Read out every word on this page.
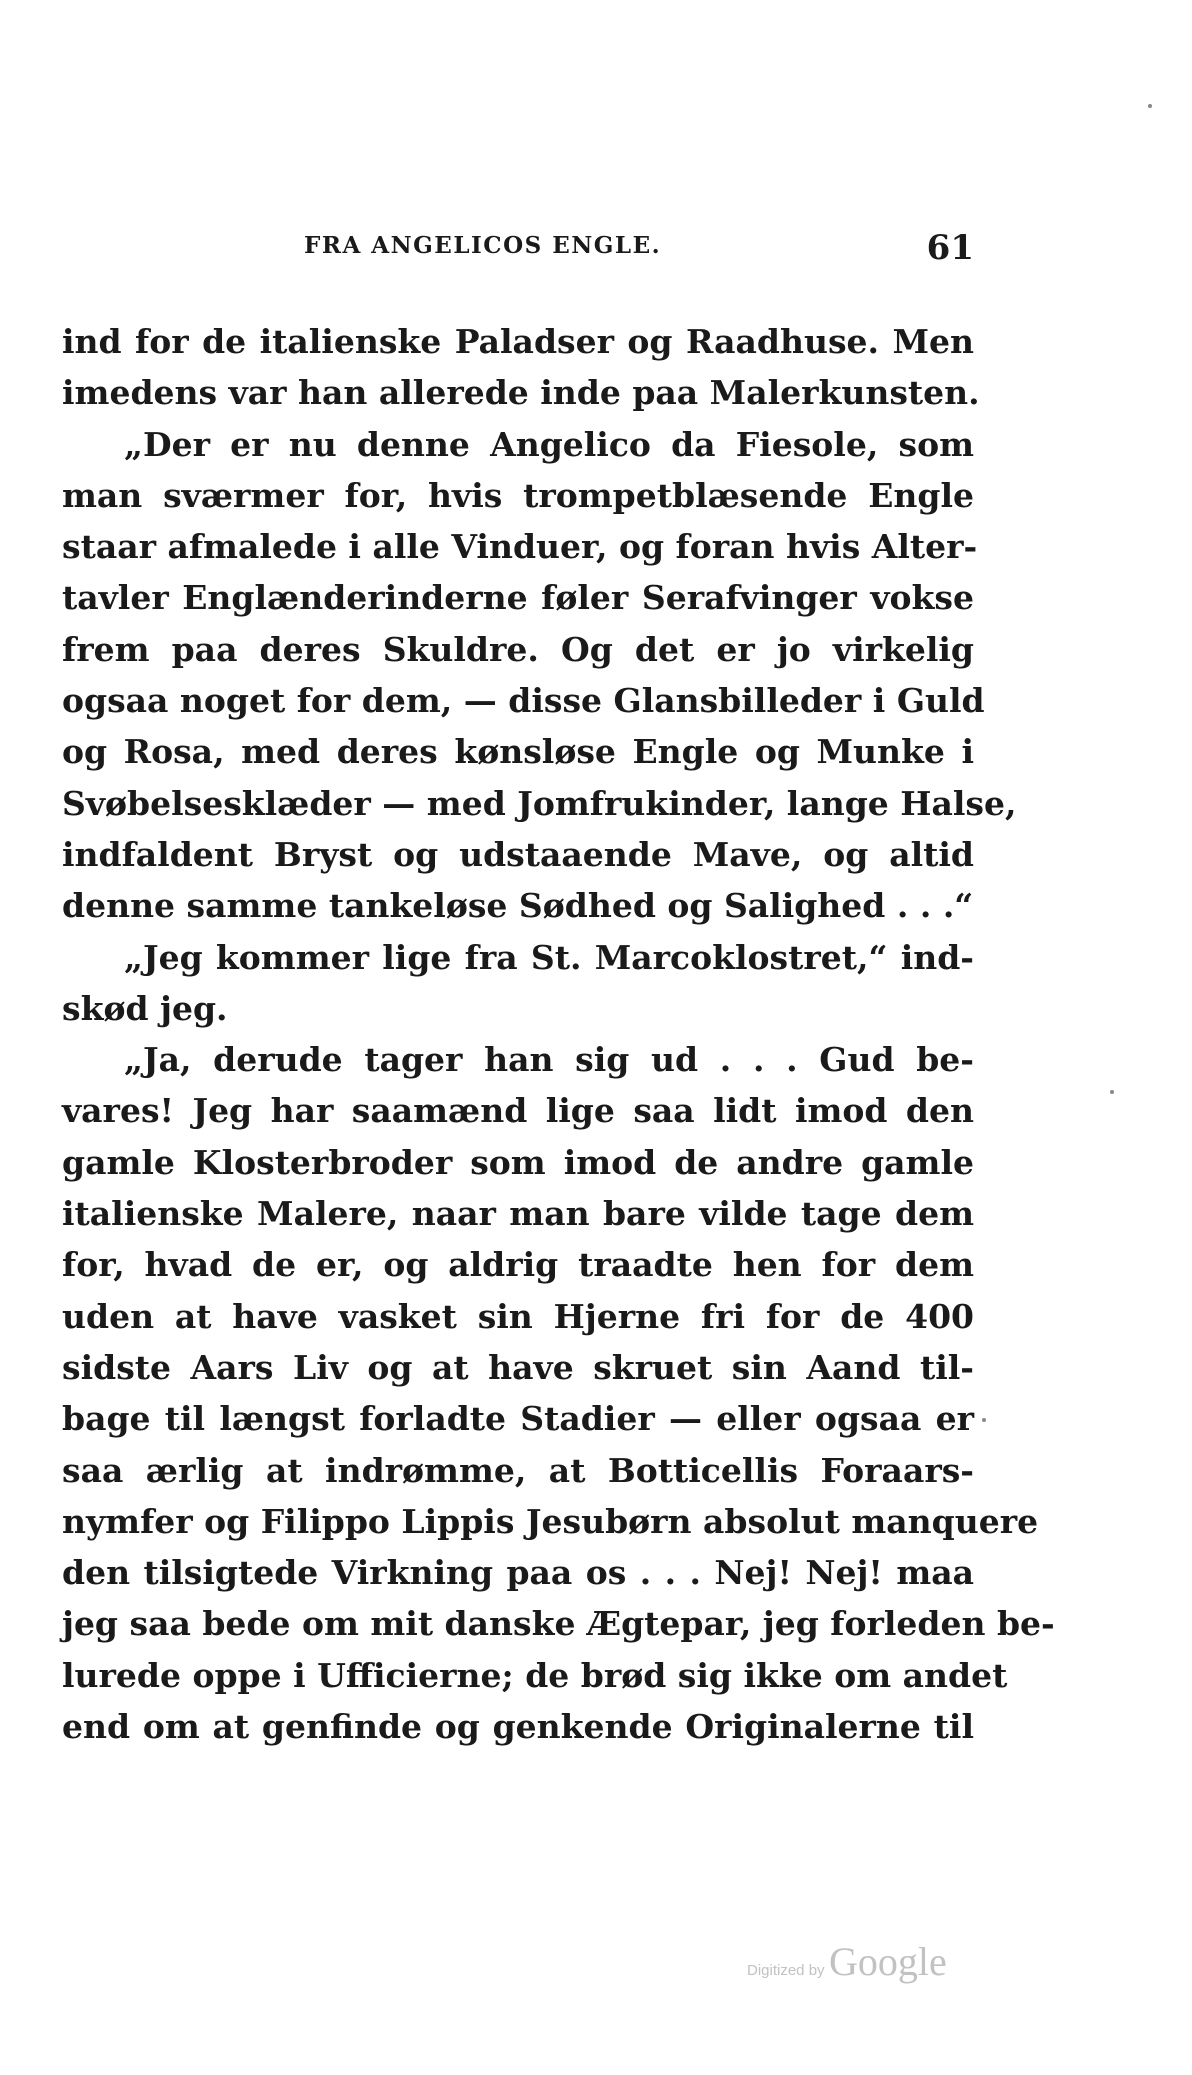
FRA ANGELICOS ENGLE.	61
ind for de italienske Paladser og Raadhuse. Men
imedens var han allerede inde paa Malerkunsten.
„Der er nu denne Angelico da Fiesole, som
man sværmer for, hvis trompetblæsende Engle
staar afmalede i alle Vinduer, og foran hvis Alter-
tavler Englænderinderne føler Serafvinger vokse
frem paa deres Skuldre. Og det er jo virkelig
ogsaa noget for dem, — disse Glansbilleder i Guld
og Rosa, med deres kønsløse Engle og Munke i
Svøbelsesklæder — med Jomfrukinder, lange Halse,
indfaldent Bryst og udstaaende Mave, og altid
denne samme tankeløse Sødhed og Salighed . . .“
„Jeg kommer lige fra St. Marcoklostret,“ ind-
skød jeg.
„Ja, derude tager han sig ud . . . Gud be-
vares! Jeg har saamænd lige saa lidt imod den
gamle Klosterbroder som imod de andre gamle
italienske Malere, naar man bare vilde tage dem
for, hvad de er, og aldrig traadte hen for dem
uden at have vasket sin Hjerne fri for de 400
sidste Aars Liv og at have skruet sin Aand til-
bage til længst forladte Stadier — eller ogsaa er
saa ærlig at indrømme, at Botticellis Foraars-
nymfer og Filippo Lippis Jesubørn absolut manquere
den tilsigtede Virkning paa os . . . Nej! Nej! maa
jeg saa bede om mit danske Ægtepar, jeg forleden be-
lurede oppe i Ufficierne; de brød sig ikke om andet
end om at genfinde og genkende Originalerne til
Digitized by Google
